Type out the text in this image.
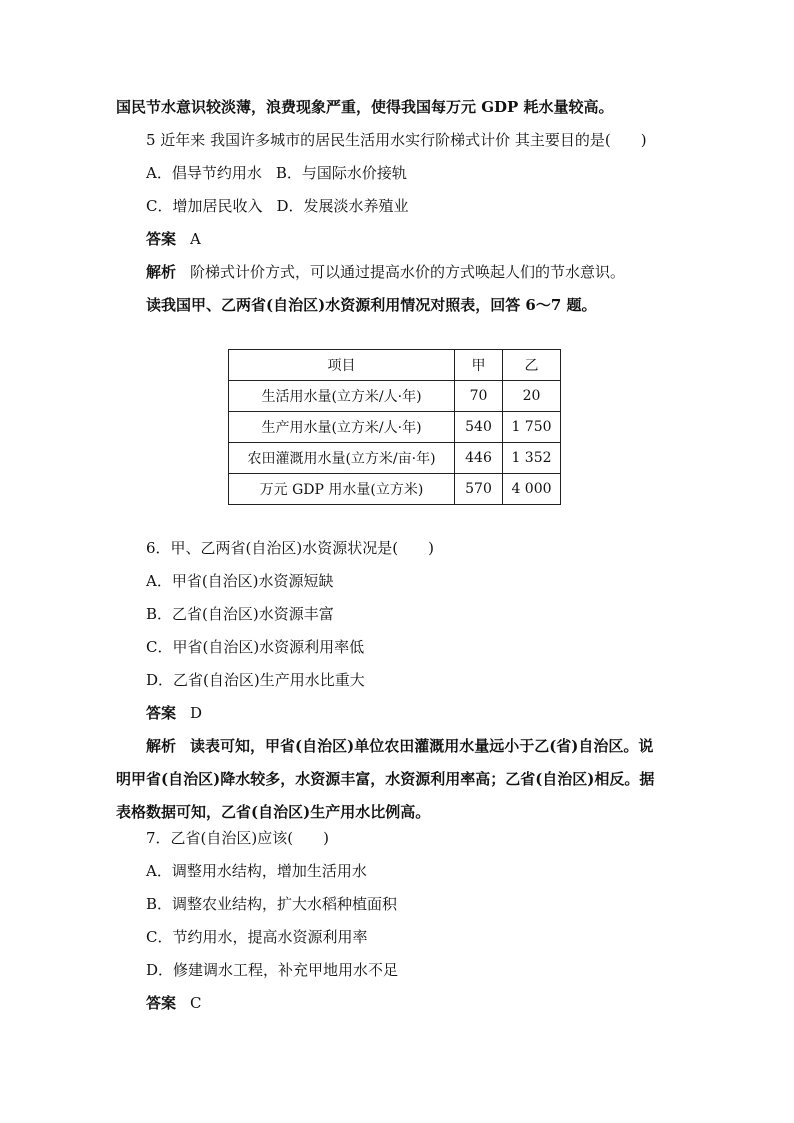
国民节水意识较淡薄，浪费现象严重，使得我国每万元 GDP 耗水量较高。
5 近年来 我国许多城市的居民生活用水实行阶梯式计价 其主要目的是(　　)
A．倡导节约用水 B．与国际水价接轨
C．增加居民收入 D．发展淡水养殖业
答案 A
解析 阶梯式计价方式，可以通过提高水价的方式唤起人们的节水意识。
读我国甲、乙两省(自治区)水资源利用情况对照表，回答 6～7 题。
项目	甲	乙
生活用水量(立方米/人·年)	70	20
生产用水量(立方米/人·年)	540	1 750
农田灌溉用水量(立方米/亩·年)	446	1 352
万元 GDP 用水量(立方米)	570	4 000
6．甲、乙两省(自治区)水资源状况是(　　)
A．甲省(自治区)水资源短缺
B．乙省(自治区)水资源丰富
C．甲省(自治区)水资源利用率低
D．乙省(自治区)生产用水比重大
答案 D
解析 读表可知，甲省(自治区)单位农田灌溉用水量远小于乙(省)自治区。说
明甲省(自治区)降水较多，水资源丰富，水资源利用率高；乙省(自治区)相反。据
表格数据可知，乙省(自治区)生产用水比例高。
7．乙省(自治区)应该(　　)
A．调整用水结构，增加生活用水
B．调整农业结构，扩大水稻种植面积
C．节约用水，提高水资源利用率
D．修建调水工程，补充甲地用水不足
答案 C
